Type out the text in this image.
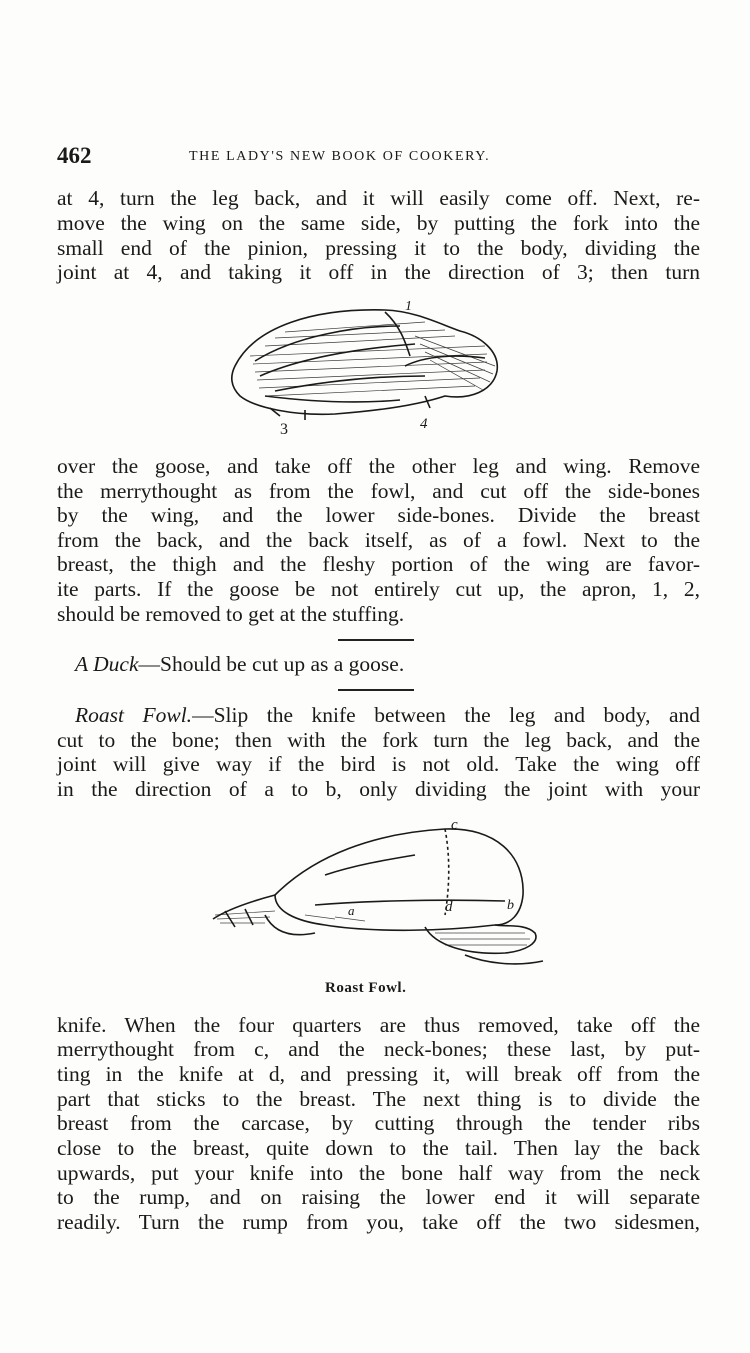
462	THE LADY'S NEW BOOK OF COOKERY.
at 4, turn the leg back, and it will easily come off. Next, re-
move the wing on the same side, by putting the fork into the
small end of the pinion, pressing it to the body, dividing the
joint at 4, and taking it off in the direction of 3; then turn
1
3	4
over the goose, and take off the other leg and wing. Remove
the merrythought as from the fowl, and cut off the side-bones
by the wing, and the lower side-bones. Divide the breast
from the back, and the back itself, as of a fowl. Next to the
breast, the thigh and the fleshy portion of the wing are favor-
ite parts. If the goose be not entirely cut up, the apron, 1, 2,
should be removed to get at the stuffing.
A Duck—Should be cut up as a goose.
Roast Fowl.—Slip the knife between the leg and body, and
cut to the bone; then with the fork turn the leg back, and the
joint will give way if the bird is not old. Take the wing off
in the direction of a to b, only dividing the joint with your
c
d
a	b
Roast Fowl.
knife. When the four quarters are thus removed, take off the
merrythought from c, and the neck-bones; these last, by put-
ting in the knife at d, and pressing it, will break off from the
part that sticks to the breast. The next thing is to divide the
breast from the carcase, by cutting through the tender ribs
close to the breast, quite down to the tail. Then lay the back
upwards, put your knife into the bone half way from the neck
to the rump, and on raising the lower end it will separate
readily. Turn the rump from you, take off the two sidesmen,
